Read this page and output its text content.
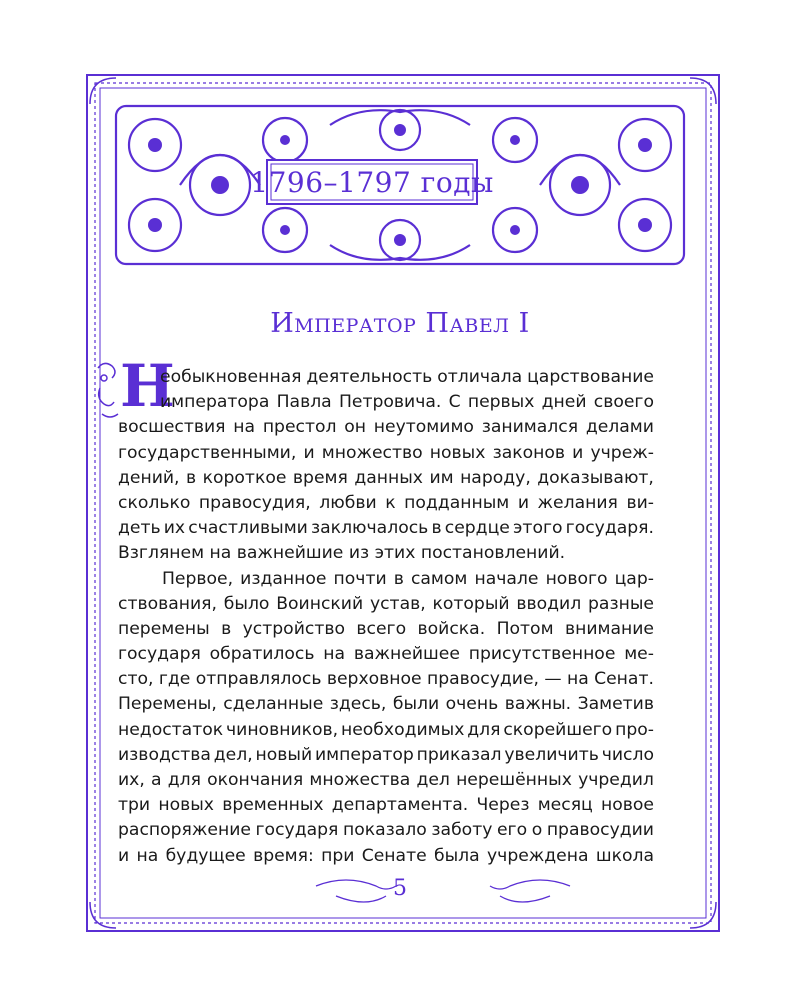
1796–1797 годы
Император Павел I
Н
еобыкновенная деятельность отличала царствование
императора Павла Петровича. С первых дней своего
восшествия на престол он неутомимо занимался делами
государственными, и множество новых законов и учреж-
дений, в короткое время данных им народу, доказывают,
сколько правосудия, любви к подданным и желания ви-
деть их счастливыми заключалось в сердце этого государя.
Взглянем на важнейшие из этих постановлений.
Первое, изданное почти в самом начале нового цар-
ствования, было Воинский устав, который вводил разные
перемены в устройство всего войска. Потом внимание
государя обратилось на важнейшее присутственное ме-
сто, где отправлялось верховное правосудие, — на Сенат.
Перемены, сделанные здесь, были очень важны. Заметив
недостаток чиновников, необходимых для скорейшего про-
изводства дел, новый император приказал увеличить число
их, а для окончания множества дел нерешённых учредил
три новых временных департамента. Через месяц новое
распоряжение государя показало заботу его о правосудии
и на будущее время: при Сенате была учреждена школа
5
